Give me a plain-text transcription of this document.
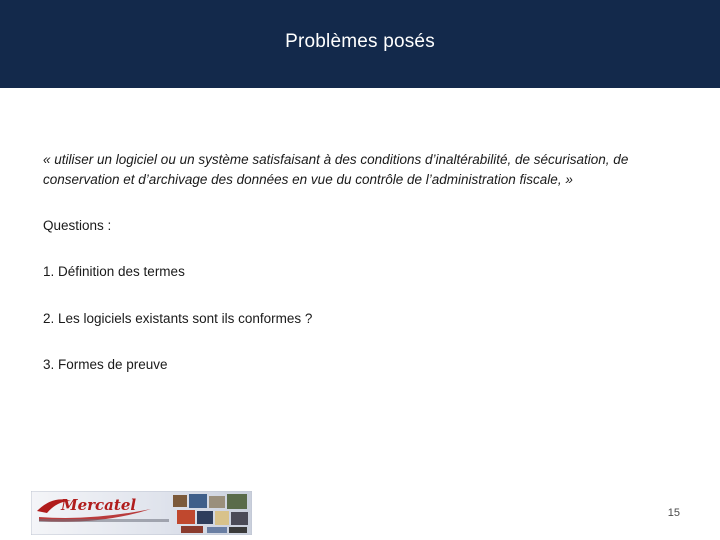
Problèmes posés
« utiliser un logiciel ou un système satisfaisant à des conditions d’inaltérabilité, de sécurisation, de conservation et d’archivage des données en vue du contrôle de l’administration fiscale, »
Questions :
1. Définition des termes
2. Les logiciels existants sont ils conformes ?
3. Formes de preuve
Mercatel	15
